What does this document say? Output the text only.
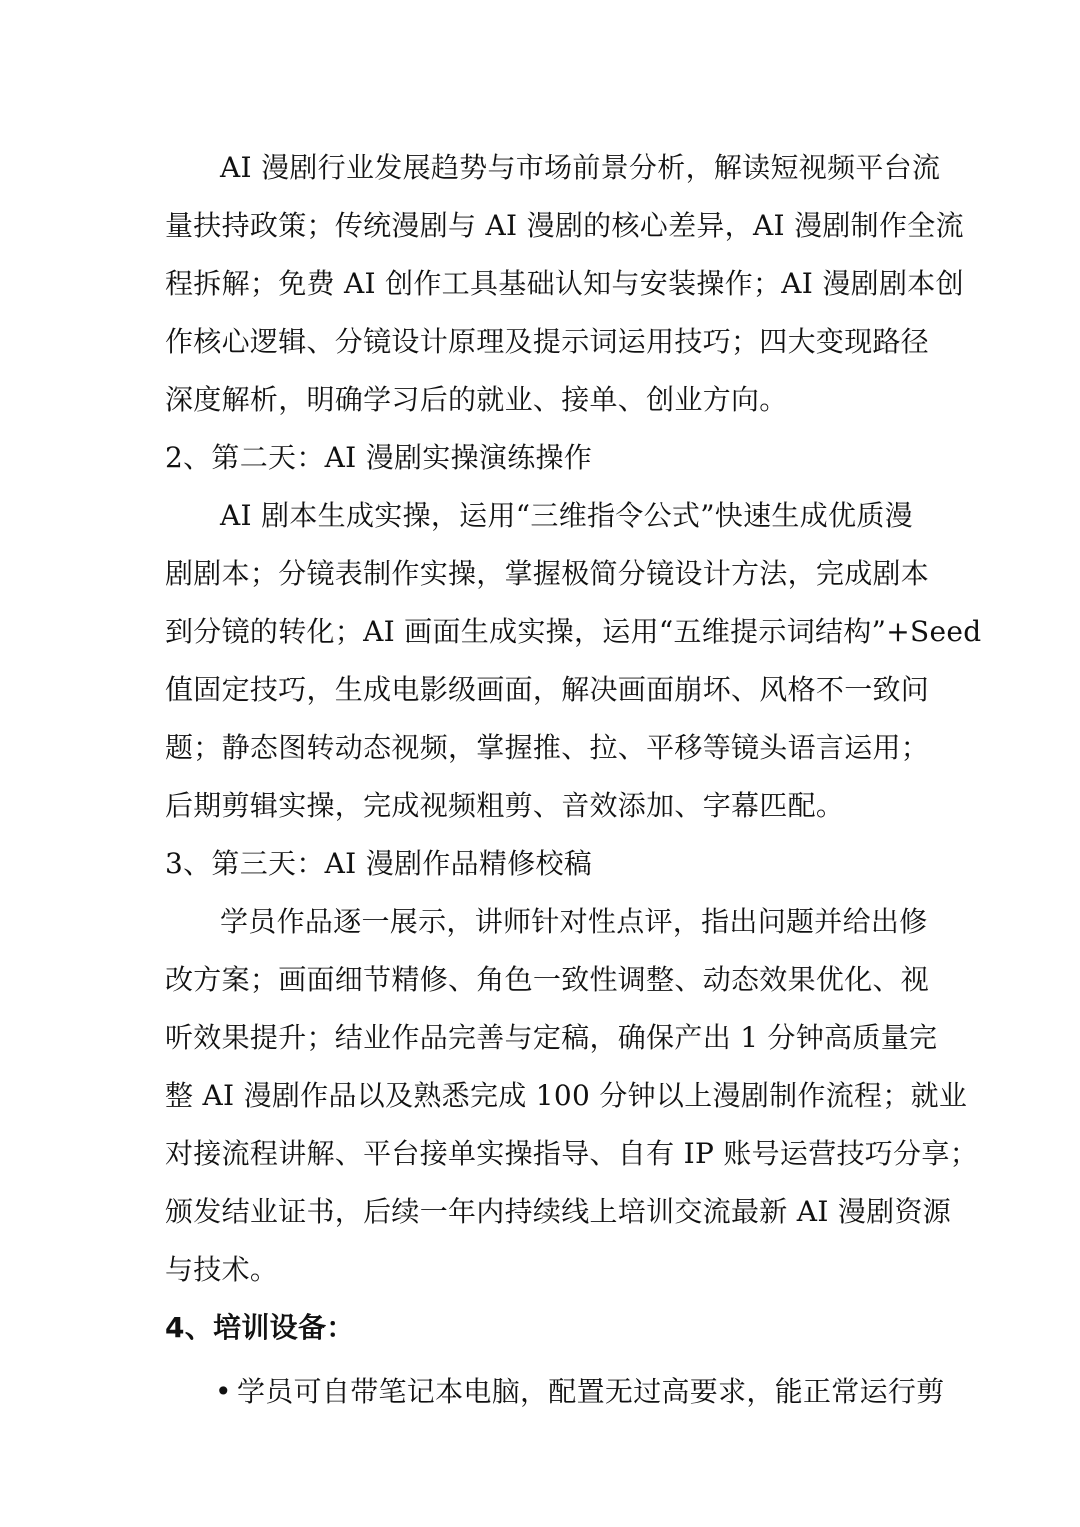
AI 漫剧行业发展趋势与市场前景分析，解读短视频平台流
量扶持政策；传统漫剧与 AI 漫剧的核心差异，AI 漫剧制作全流
程拆解；免费 AI 创作工具基础认知与安装操作；AI 漫剧剧本创
作核心逻辑、分镜设计原理及提示词运用技巧；四大变现路径
深度解析，明确学习后的就业、接单、创业方向。
2、第二天：AI 漫剧实操演练操作
AI 剧本生成实操，运用“三维指令公式”快速生成优质漫
剧剧本；分镜表制作实操，掌握极简分镜设计方法，完成剧本
到分镜的转化；AI 画面生成实操，运用“五维提示词结构”+Seed
值固定技巧，生成电影级画面，解决画面崩坏、风格不一致问
题；静态图转动态视频，掌握推、拉、平移等镜头语言运用；
后期剪辑实操，完成视频粗剪、音效添加、字幕匹配。
3、第三天：AI 漫剧作品精修校稿
学员作品逐一展示，讲师针对性点评，指出问题并给出修
改方案；画面细节精修、角色一致性调整、动态效果优化、视
听效果提升；结业作品完善与定稿，确保产出 1 分钟高质量完
整 AI 漫剧作品以及熟悉完成 100 分钟以上漫剧制作流程；就业
对接流程讲解、平台接单实操指导、自有 IP 账号运营技巧分享；
颁发结业证书，后续一年内持续线上培训交流最新 AI 漫剧资源
与技术。
4、培训设备：
• 学员可自带笔记本电脑，配置无过高要求，能正常运行剪
